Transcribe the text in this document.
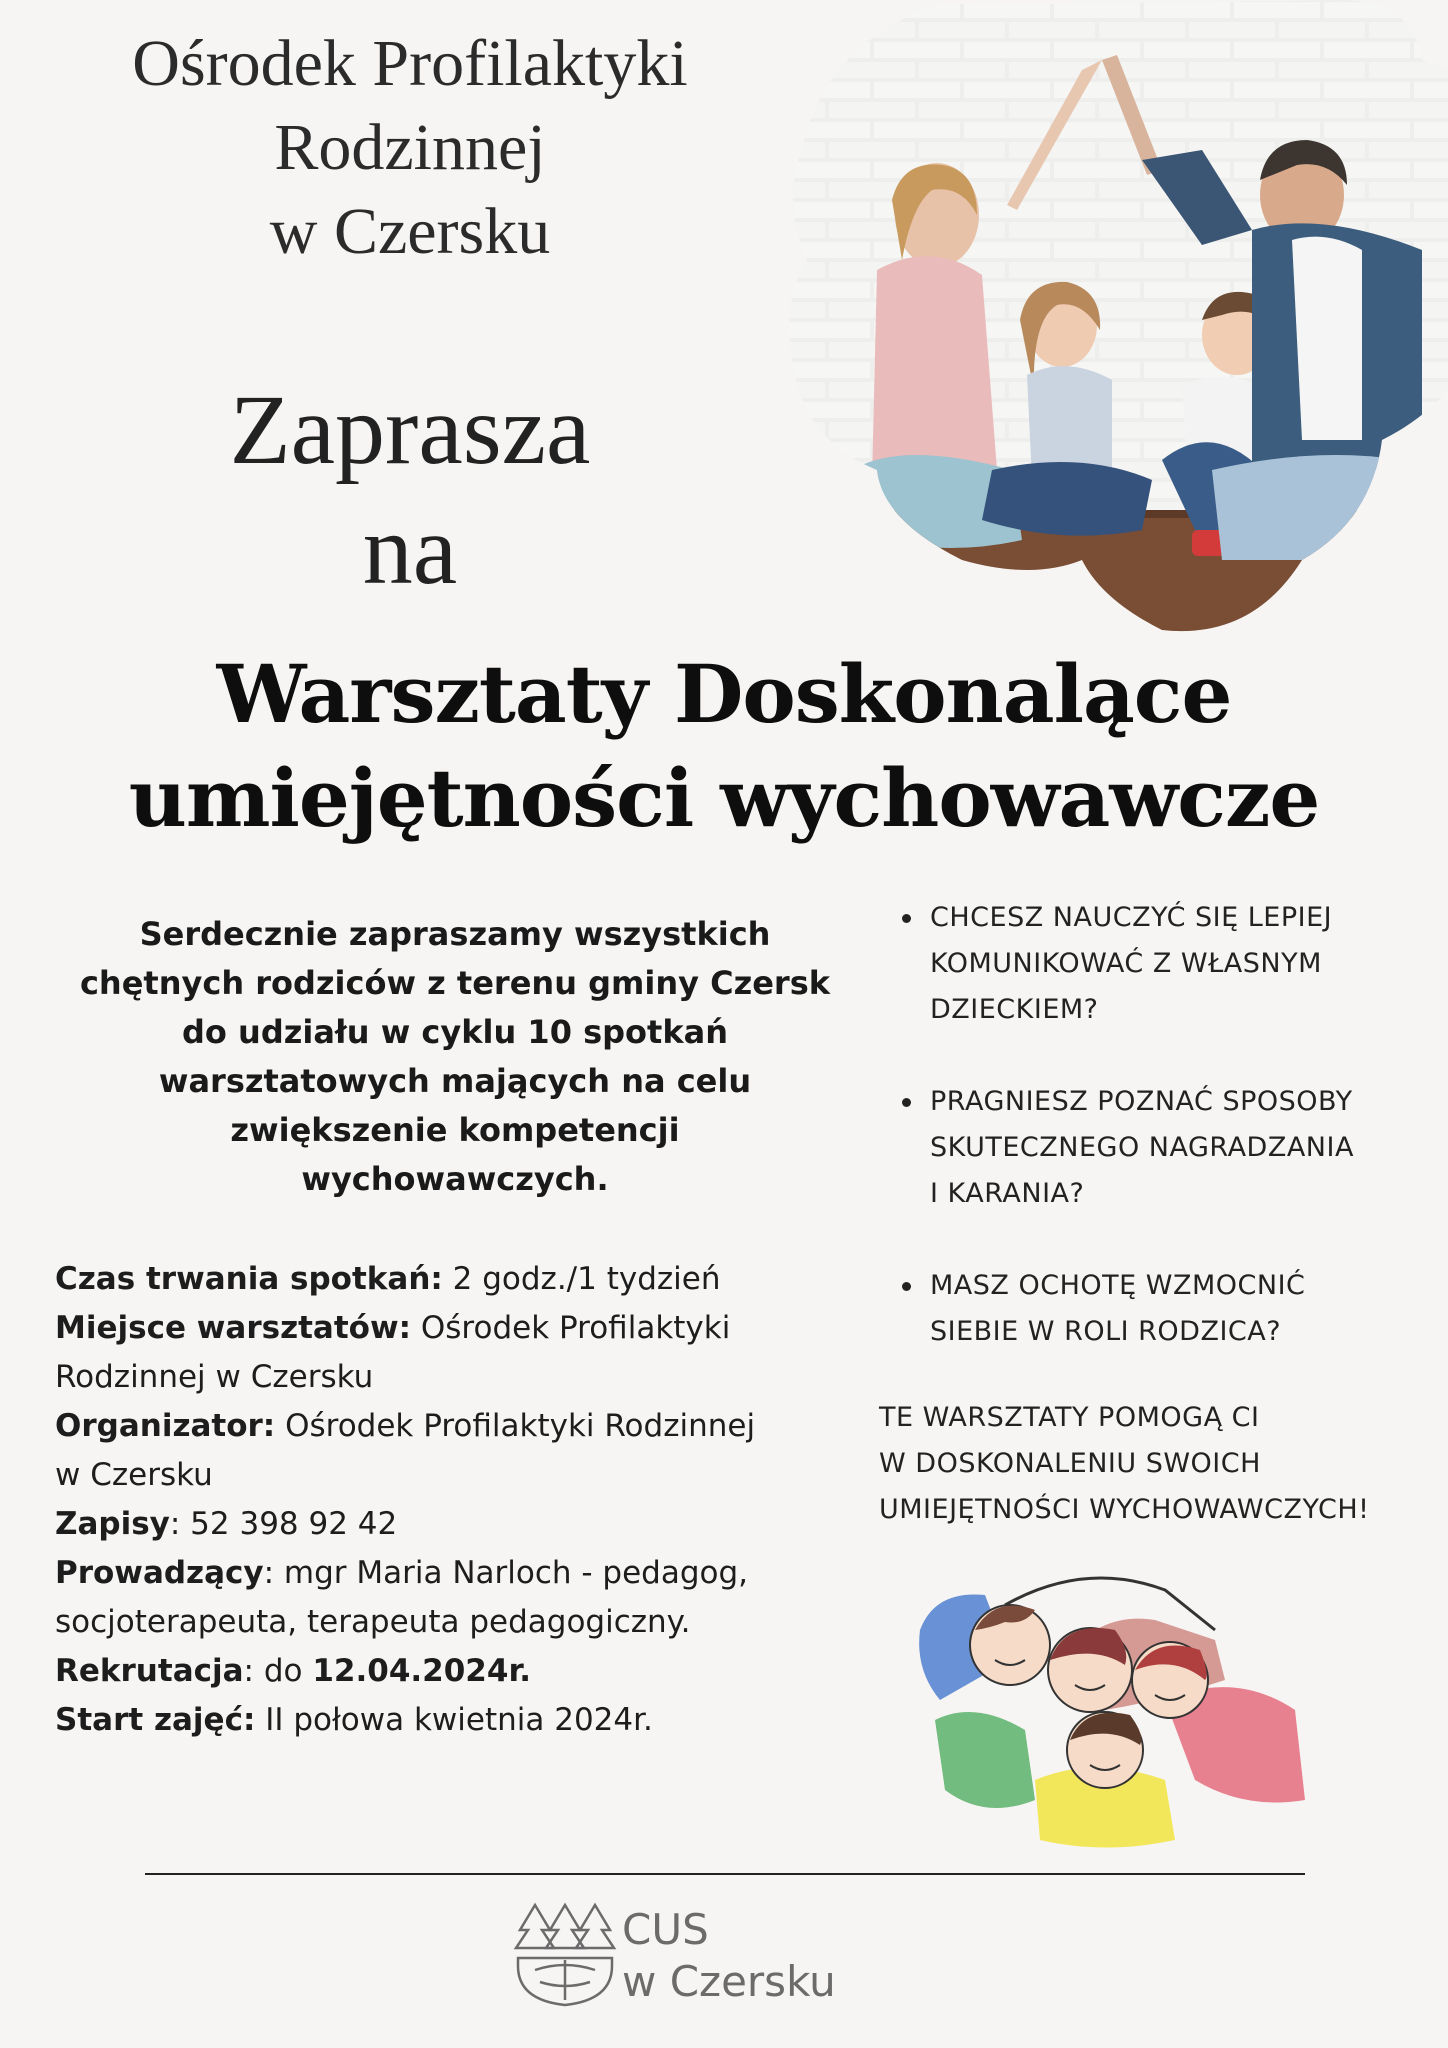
Ośrodek Profilaktyki
Rodzinnej
w Czersku
Zaprasza
na
Warsztaty Doskonalące
umiejętności wychowawcze
Serdecznie zapraszamy wszystkich
chętnych rodziców z terenu gminy Czersk
do udziału w cyklu 10 spotkań
warsztatowych mających na celu
zwiększenie kompetencji
wychowawczych.
Czas trwania spotkań: 2 godz./1 tydzień
Miejsce warsztatów: Ośrodek Profilaktyki
Rodzinnej w Czersku
Organizator: Ośrodek Profilaktyki Rodzinnej
w Czersku
Zapisy: 52 398 92 42
Prowadzący: mgr Maria Narloch - pedagog,
socjoterapeuta, terapeuta pedagogiczny.
Rekrutacja: do 12.04.2024r.
Start zajęć: II połowa kwietnia 2024r.
CHCESZ NAUCZYĆ SIĘ LEPIEJ
KOMUNIKOWAĆ Z WŁASNYM
DZIECKIEM?
PRAGNIESZ POZNAĆ SPOSOBY
SKUTECZNEGO NAGRADZANIA
I KARANIA?
MASZ OCHOTĘ WZMOCNIĆ
SIEBIE W ROLI RODZICA?
TE WARSZTATY POMOGĄ CI
W DOSKONALENIU SWOICH
UMIEJĘTNOŚCI WYCHOWAWCZYCH!
CUS
w Czersku
